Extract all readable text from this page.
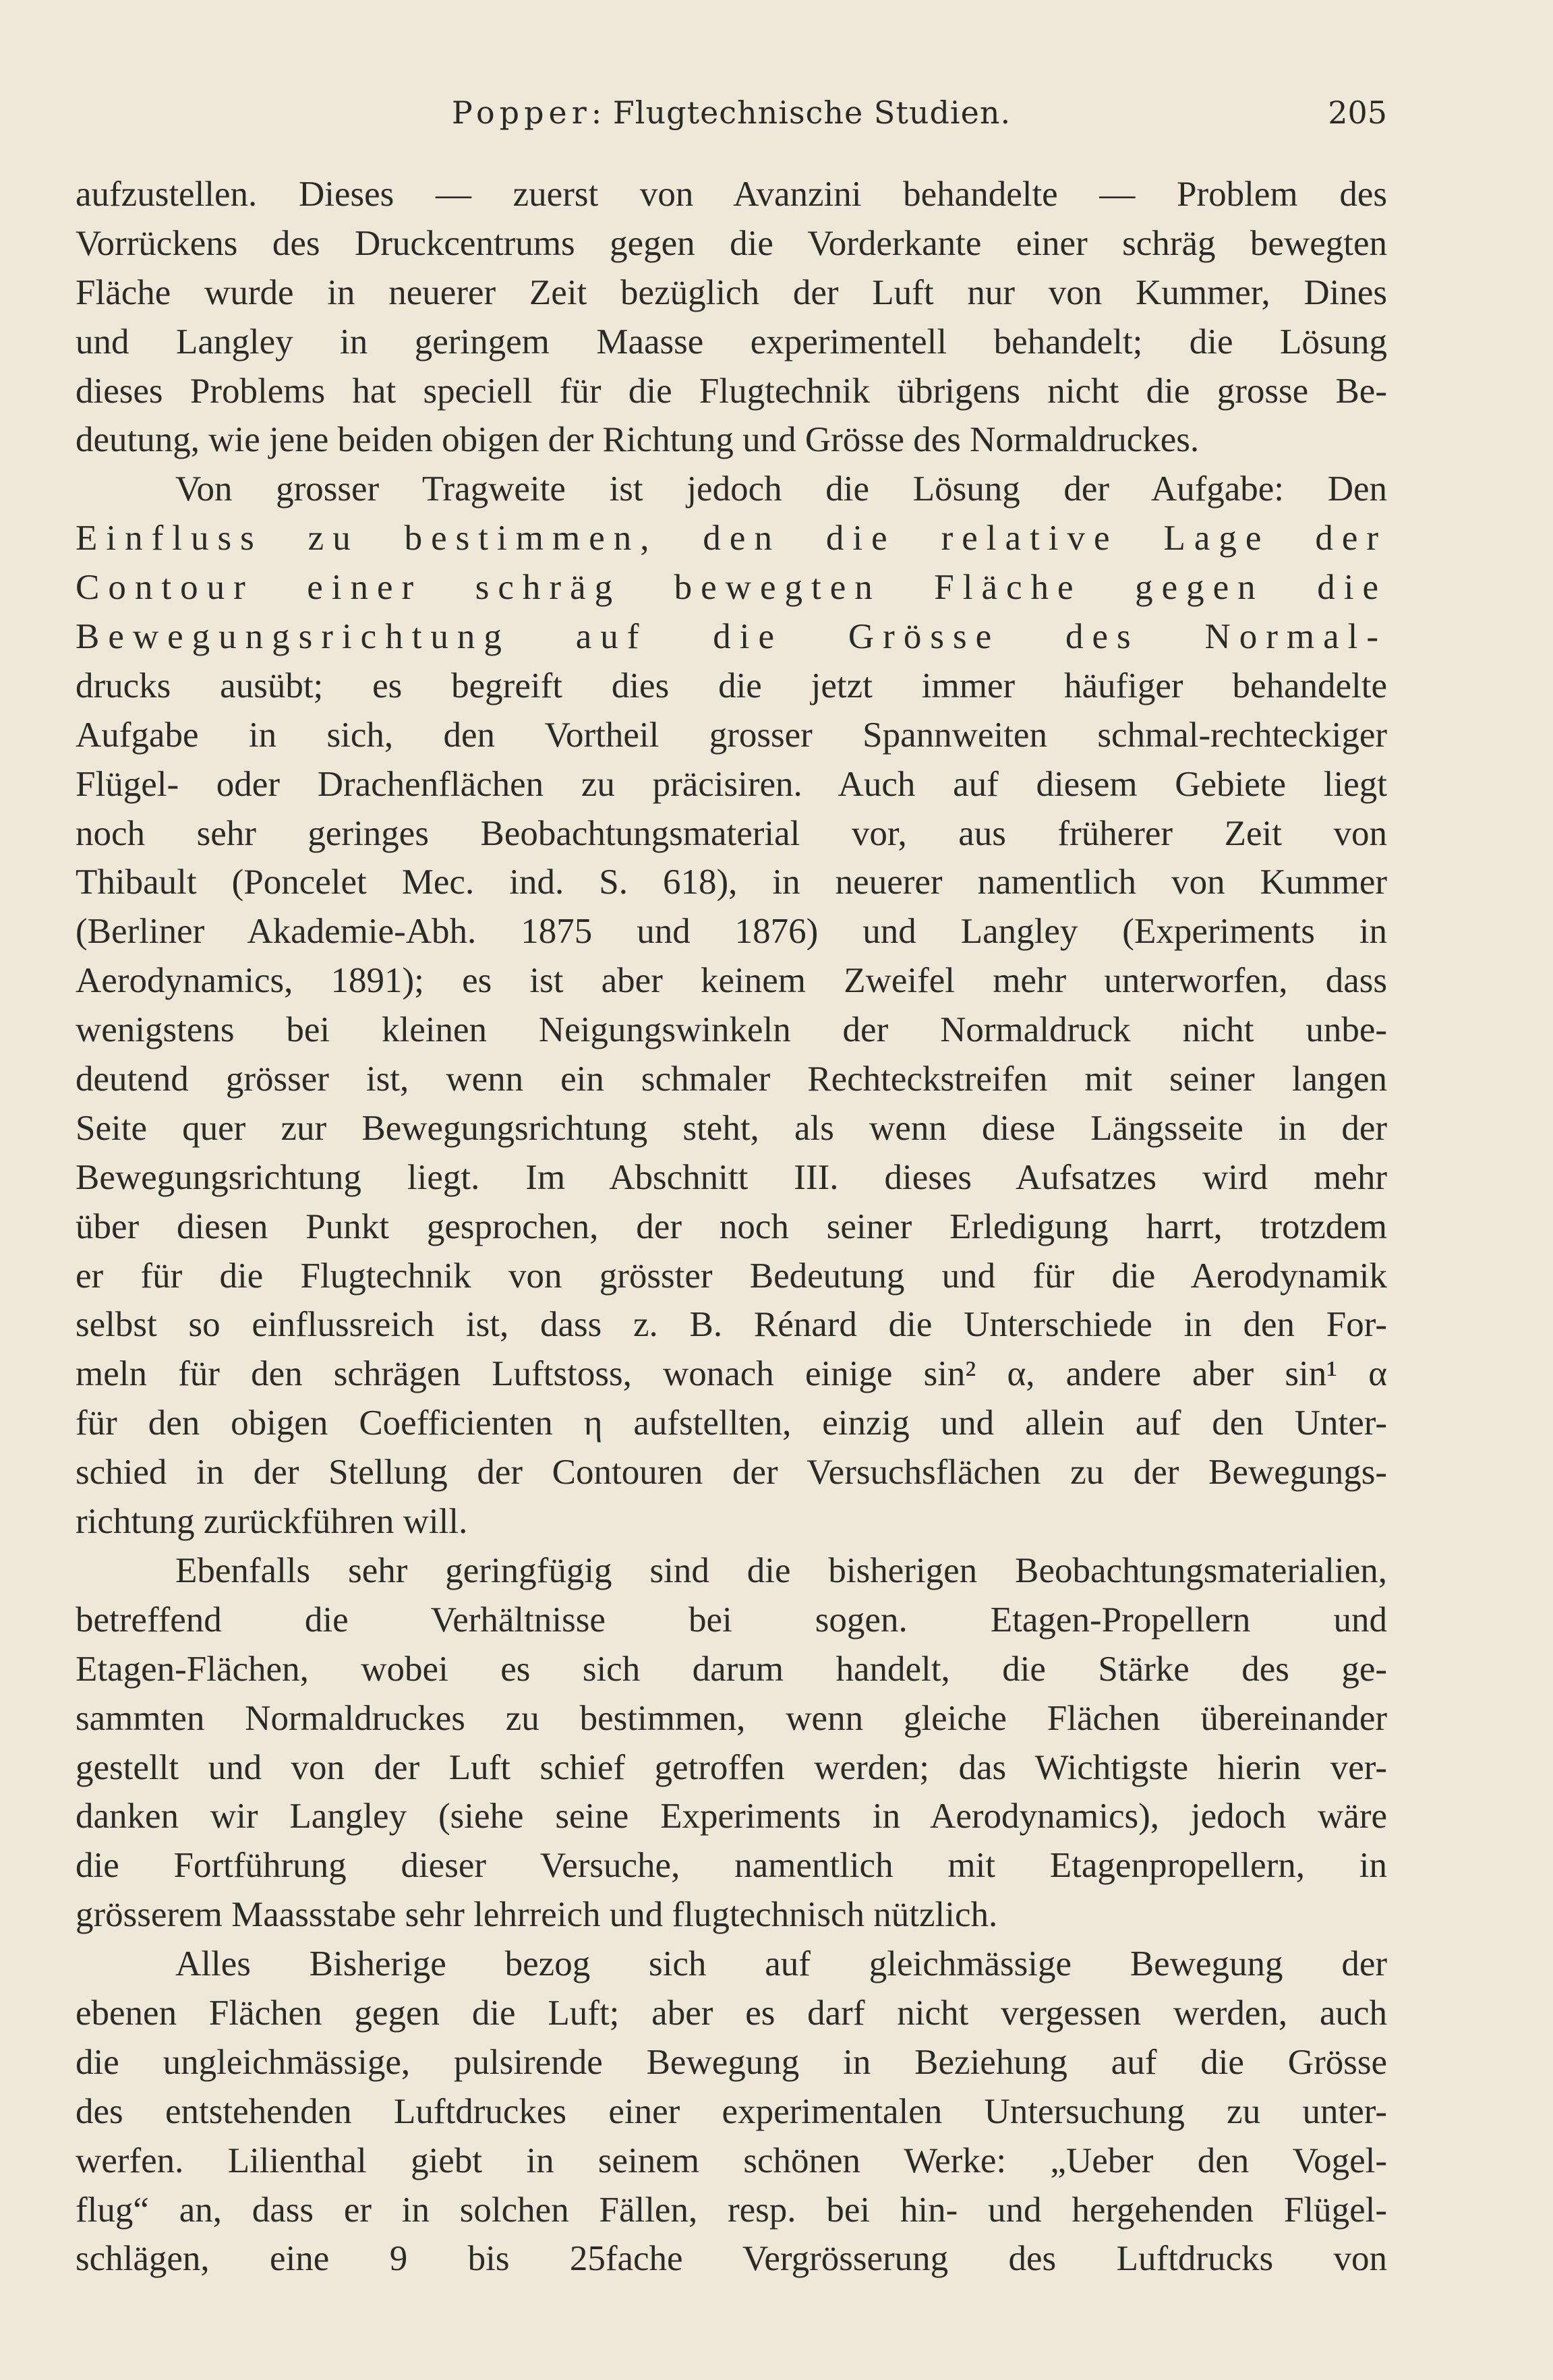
Popper: Flugtechnische Studien.	205
aufzustellen. Dieses — zuerst von Avanzini behandelte — Problem des
Vorrückens des Druckcentrums gegen die Vorderkante einer schräg bewegten
Fläche wurde in neuerer Zeit bezüglich der Luft nur von Kummer, Dines
und Langley in geringem Maasse experimentell behandelt; die Lösung
dieses Problems hat speciell für die Flugtechnik übrigens nicht die grosse Be-
deutung, wie jene beiden obigen der Richtung und Grösse des Normaldruckes.
Von grosser Tragweite ist jedoch die Lösung der Aufgabe: Den
Einfluss zu bestimmen, den die relative Lage der
Contour einer schräg bewegten Fläche gegen die
Bewegungsrichtung auf die Grösse des Normal-
drucks ausübt; es begreift dies die jetzt immer häufiger behandelte
Aufgabe in sich, den Vortheil grosser Spannweiten schmal-rechteckiger
Flügel- oder Drachenflächen zu präcisiren. Auch auf diesem Gebiete liegt
noch sehr geringes Beobachtungsmaterial vor, aus früherer Zeit von
Thibault (Poncelet Mec. ind. S. 618), in neuerer namentlich von Kummer
(Berliner Akademie-Abh. 1875 und 1876) und Langley (Experiments in
Aerodynamics, 1891); es ist aber keinem Zweifel mehr unterworfen, dass
wenigstens bei kleinen Neigungswinkeln der Normaldruck nicht unbe-
deutend grösser ist, wenn ein schmaler Rechteckstreifen mit seiner langen
Seite quer zur Bewegungsrichtung steht, als wenn diese Längsseite in der
Bewegungsrichtung liegt. Im Abschnitt III. dieses Aufsatzes wird mehr
über diesen Punkt gesprochen, der noch seiner Erledigung harrt, trotzdem
er für die Flugtechnik von grösster Bedeutung und für die Aerodynamik
selbst so einflussreich ist, dass z. B. Rénard die Unterschiede in den For-
meln für den schrägen Luftstoss, wonach einige sin² α, andere aber sin¹ α
für den obigen Coefficienten η aufstellten, einzig und allein auf den Unter-
schied in der Stellung der Contouren der Versuchsflächen zu der Bewegungs-
richtung zurückführen will.
Ebenfalls sehr geringfügig sind die bisherigen Beobachtungsmaterialien,
betreffend die Verhältnisse bei sogen. Etagen-Propellern und
Etagen-Flächen, wobei es sich darum handelt, die Stärke des ge-
sammten Normaldruckes zu bestimmen, wenn gleiche Flächen übereinander
gestellt und von der Luft schief getroffen werden; das Wichtigste hierin ver-
danken wir Langley (siehe seine Experiments in Aerodynamics), jedoch wäre
die Fortführung dieser Versuche, namentlich mit Etagenpropellern, in
grösserem Maassstabe sehr lehrreich und flugtechnisch nützlich.
Alles Bisherige bezog sich auf gleichmässige Bewegung der
ebenen Flächen gegen die Luft; aber es darf nicht vergessen werden, auch
die ungleichmässige, pulsirende Bewegung in Beziehung auf die Grösse
des entstehenden Luftdruckes einer experimentalen Untersuchung zu unter-
werfen. Lilienthal giebt in seinem schönen Werke: „Ueber den Vogel-
flug“ an, dass er in solchen Fällen, resp. bei hin- und hergehenden Flügel-
schlägen, eine 9 bis 25fache Vergrösserung des Luftdrucks von
